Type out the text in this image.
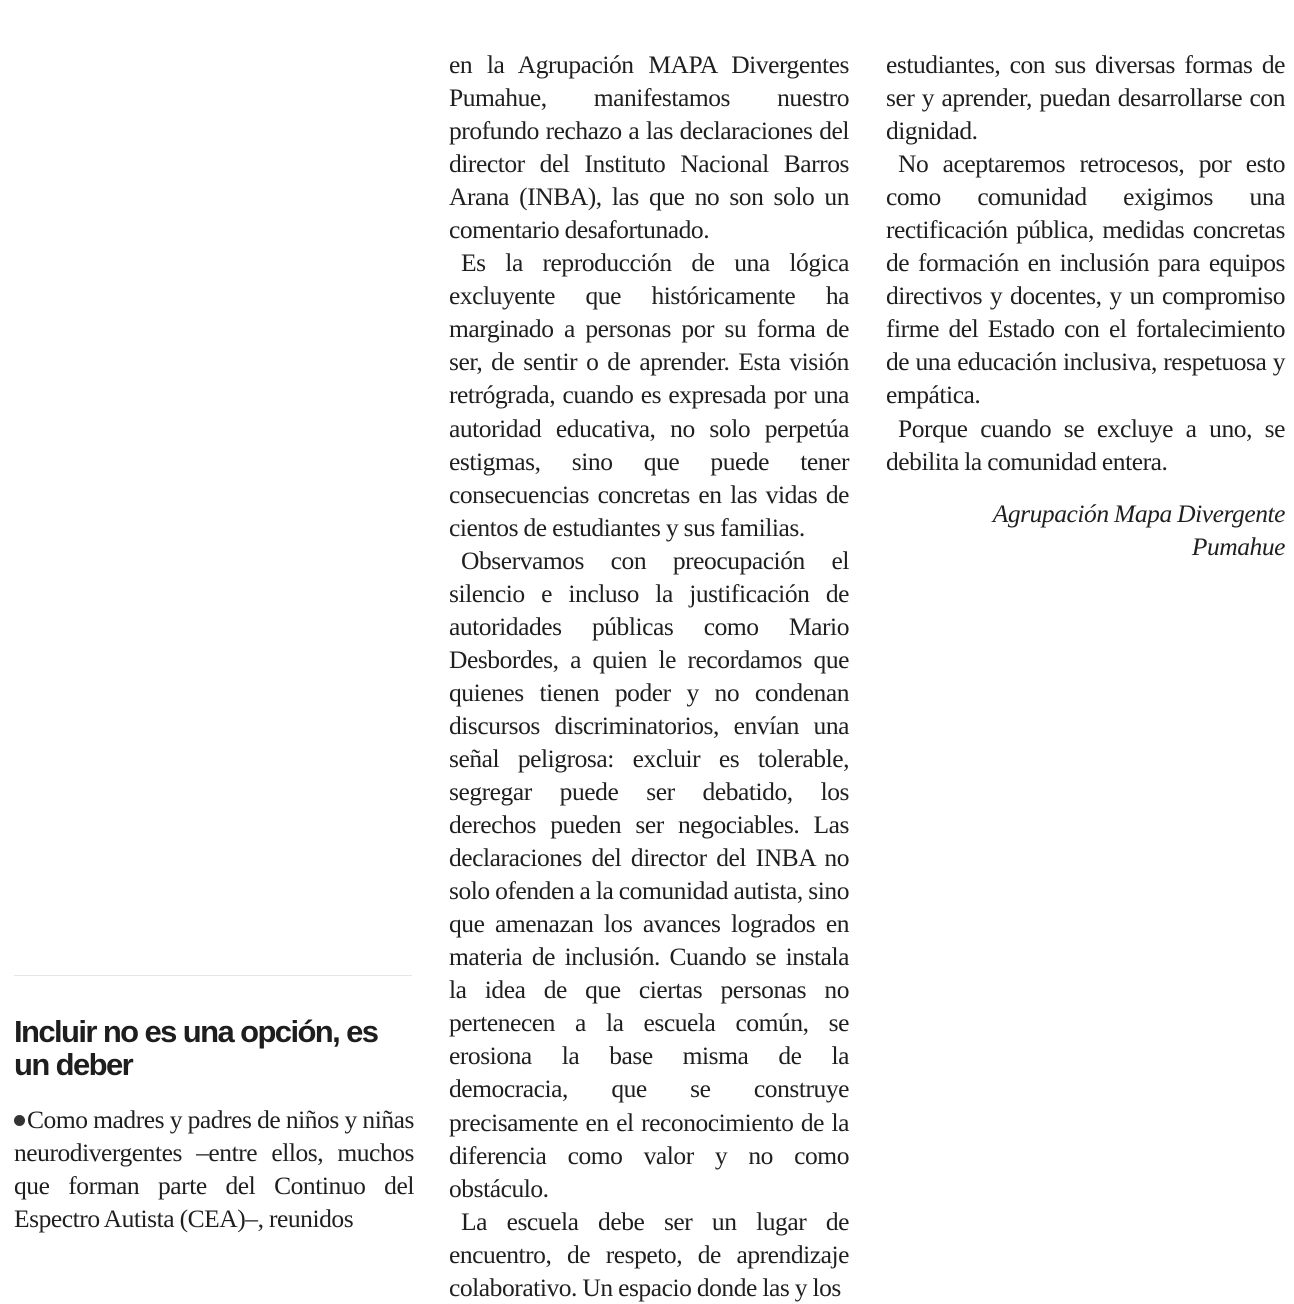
Incluir no es una opción, es un deber

Como madres y padres de niños y niñas neurodivergentes –entre ellos, muchos que forman parte del Continuo del Espectro Autista (CEA)–, reunidos

en la Agrupación MAPA Divergentes Pumahue, manifestamos nuestro profundo rechazo a las declaraciones del director del Instituto Nacional Barros Arana (INBA), las que no son solo un comentario desafortunado.

Es la reproducción de una lógica excluyente que históricamente ha marginado a personas por su forma de ser, de sentir o de aprender. Esta visión retrógrada, cuando es expresada por una autoridad educativa, no solo perpetúa estigmas, sino que puede tener consecuencias concretas en las vidas de cientos de estudiantes y sus familias.

Observamos con preocupación el silencio e incluso la justificación de autoridades públicas como Mario Desbordes, a quien le recordamos que quienes tienen poder y no condenan discursos discriminatorios, envían una señal peligrosa: excluir es tolerable, segregar puede ser debatido, los derechos pueden ser negociables. Las declaraciones del director del INBA no solo ofenden a la comunidad autista, sino que amenazan los avances logrados en materia de inclusión. Cuando se instala la idea de que ciertas personas no pertenecen a la escuela común, se erosiona la base misma de la democracia, que se construye precisamente en el reconocimiento de la diferencia como valor y no como obstáculo.

La escuela debe ser un lugar de encuentro, de respeto, de aprendizaje colaborativo. Un espacio donde las y los

estudiantes, con sus diversas formas de ser y aprender, puedan desarrollarse con dignidad.

No aceptaremos retrocesos, por esto como comunidad exigimos una rectificación pública, medidas concretas de formación en inclusión para equipos directivos y docentes, y un compromiso firme del Estado con el fortalecimiento de una educación inclusiva, respetuosa y empática.

Porque cuando se excluye a uno, se debilita la comunidad entera.

Agrupación Mapa Divergente
Pumahue
